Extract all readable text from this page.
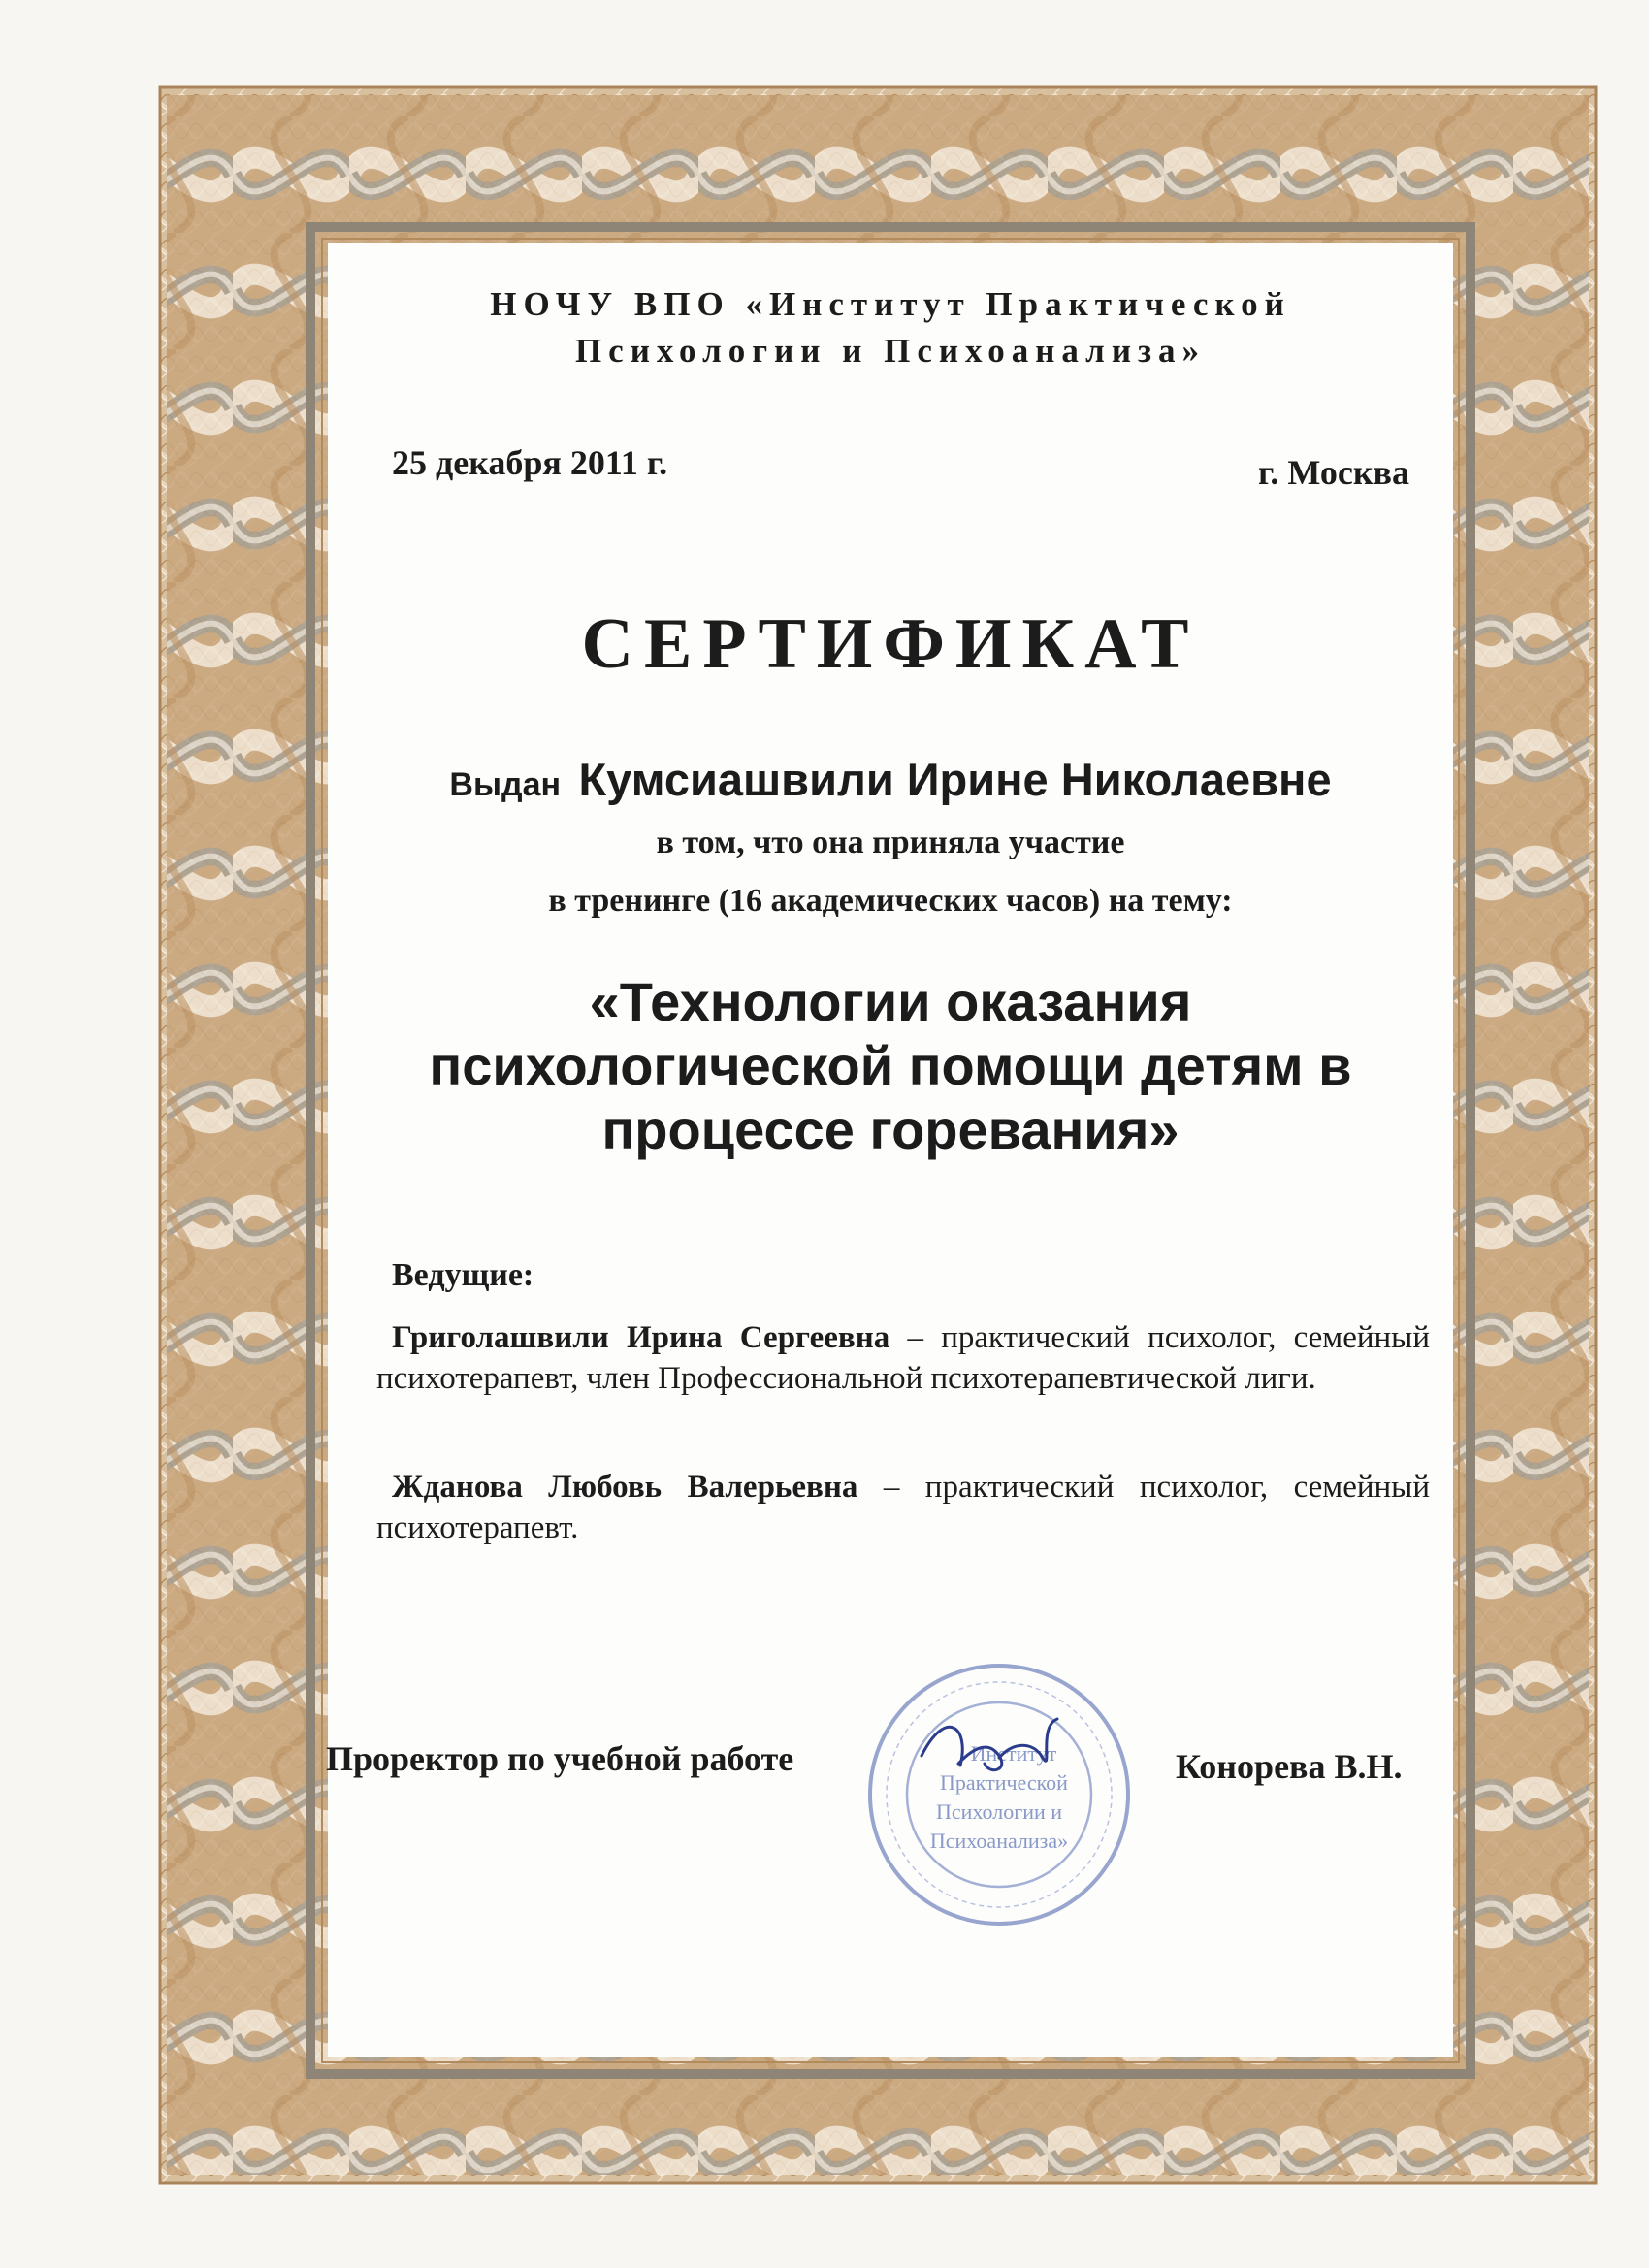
НОЧУ ВПО «Институт Практической
Психологии и Психоанализа»
25 декабря 2011 г.	г. Москва
СЕРТИФИКАТ
Выдан Кумсиашвили Ирине Николаевне
в том, что она приняла участие
в тренинге (16 академических часов) на тему:
«Технологии оказания
психологической помощи детям в
процессе горевания»
Ведущие:
Григолашвили Ирина Сергеевна – практический психолог, семейный психотерапевт, член Профессиональной психотерапевтической лиги.
Жданова Любовь Валерьевна – практический психолог, семейный психотерапевт.
Проректор по учебной работе	Институт
Практической
Психологии и
Психоанализа»
Конорева В.Н.
